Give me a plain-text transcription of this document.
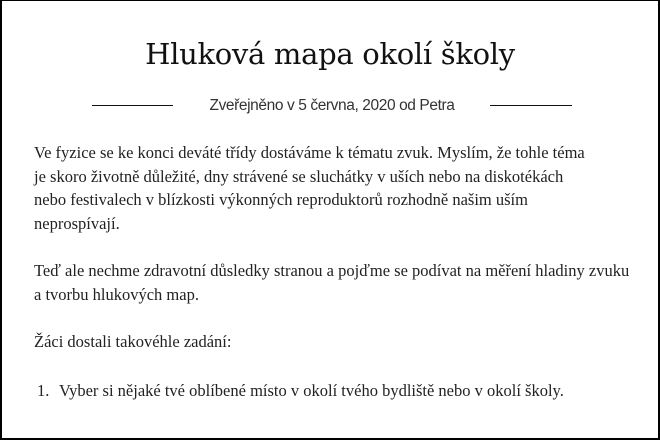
Hluková mapa okolí školy
Zveřejněno v 5 června, 2020 od Petra

Ve fyzice se ke konci deváté třídy dostáváme k tématu zvuk. Myslím, že tohle téma je skoro životně důležité, dny strávené se sluchátky v uších nebo na diskotékách nebo festivalech v blízkosti výkonných reproduktorů rozhodně našim uším neprospívají.

Teď ale nechme zdravotní důsledky stranou a pojďme se podívat na měření hladiny zvuku a tvorbu hlukových map.

Žáci dostali takovéhle zadání:

1. Vyber si nějaké tvé oblíbené místo v okolí tvého bydliště nebo v okolí školy.
